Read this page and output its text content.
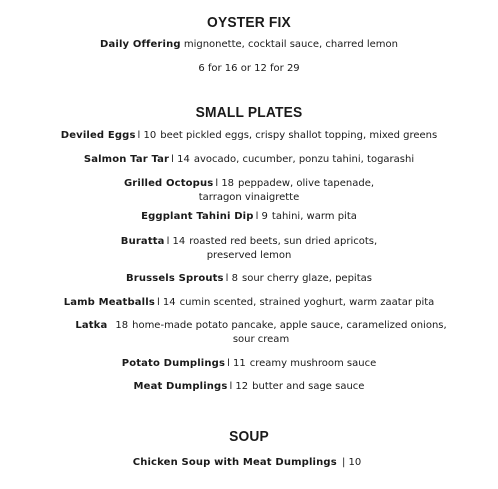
OYSTER FIX
Daily Offering mignonette, cocktail sauce, charred lemon
6 for 16 or 12 for 29
SMALL PLATES
Deviled Eggs l 10 beet pickled eggs, crispy shallot topping, mixed greens
Salmon Tar Tar l 14 avocado, cucumber, ponzu tahini, togarashi
Grilled Octopus l 18 peppadew, olive tapenade,
tarragon vinaigrette
Eggplant Tahini Dip l 9 tahini, warm pita
Buratta l 14 roasted red beets, sun dried apricots,
preserved lemon
Brussels Sprouts l 8 sour cherry glaze, pepitas
Lamb Meatballs l 14 cumin scented, strained yoghurt, warm zaatar pita
Latka 18 home-made potato pancake, apple sauce, caramelized onions,
sour cream
Potato Dumplings l 11 creamy mushroom sauce
Meat Dumplings l 12 butter and sage sauce
SOUP
Chicken Soup with Meat Dumplings | 10
